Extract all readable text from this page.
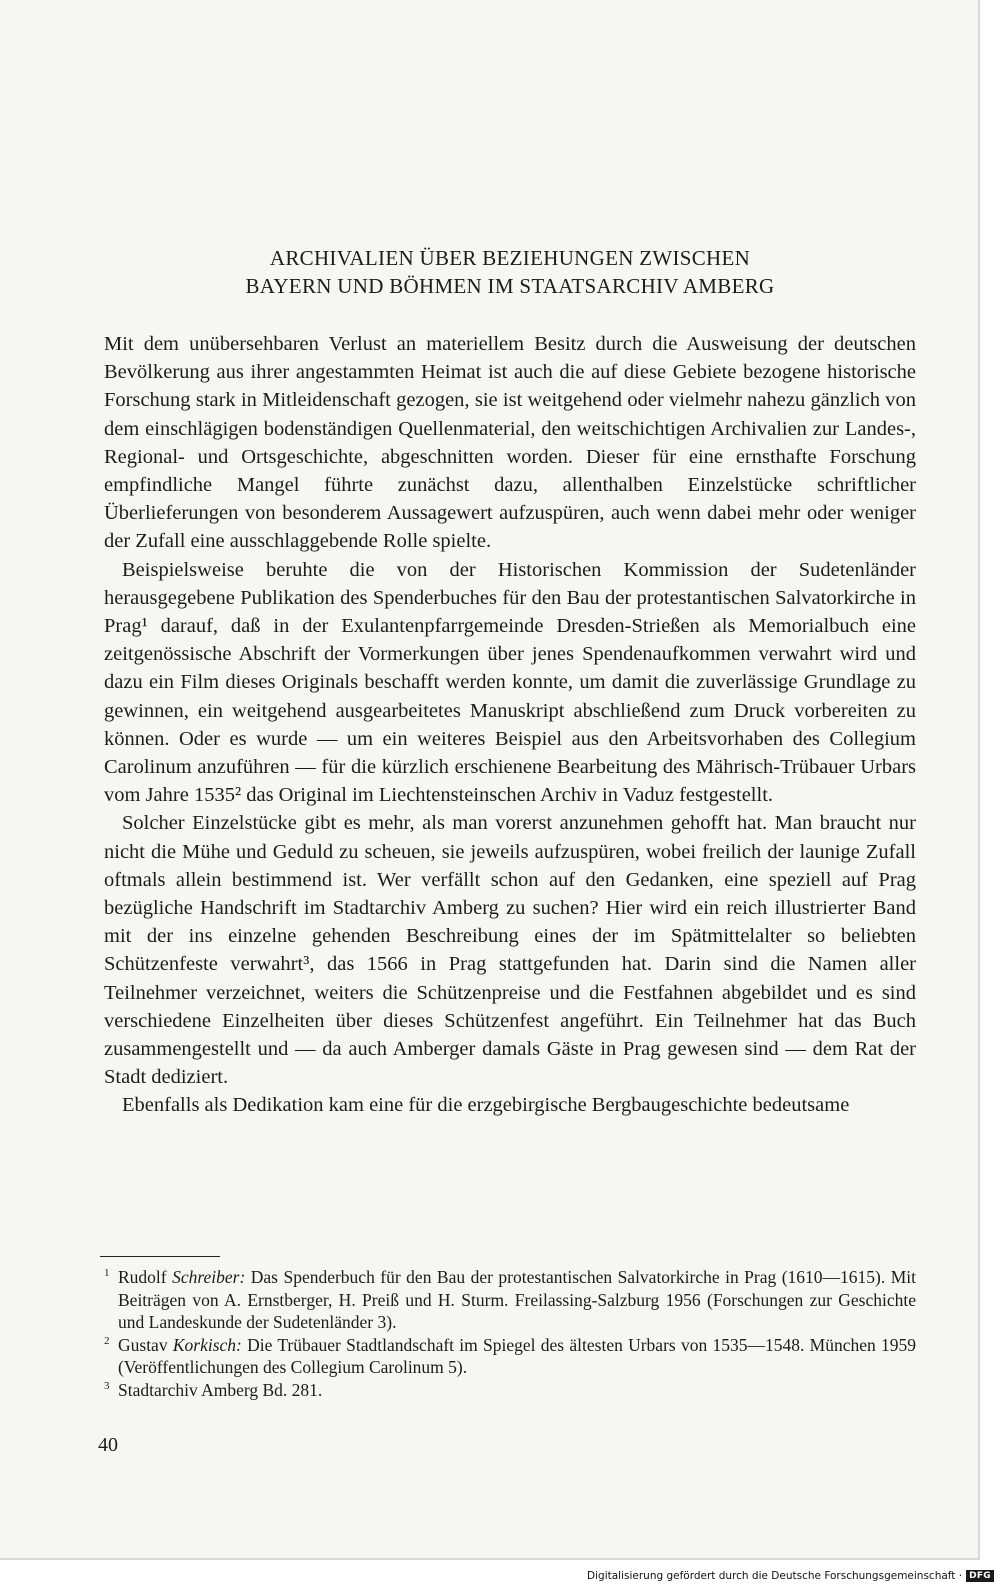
ARCHIVALIEN ÜBER BEZIEHUNGEN ZWISCHEN
BAYERN UND BÖHMEN IM STAATSARCHIV AMBERG

Mit dem unübersehbaren Verlust an materiellem Besitz durch die Ausweisung der deutschen Bevölkerung aus ihrer angestammten Heimat ist auch die auf diese Gebiete bezogene historische Forschung stark in Mitleidenschaft gezogen, sie ist weitgehend oder vielmehr nahezu gänzlich von dem einschlägigen bodenständigen Quellenmaterial, den weitschichtigen Archivalien zur Landes-, Regional- und Ortsgeschichte, abgeschnitten worden. Dieser für eine ernsthafte Forschung empfindliche Mangel führte zunächst dazu, allenthalben Einzelstücke schriftlicher Überlieferungen von besonderem Aussagewert aufzuspüren, auch wenn dabei mehr oder weniger der Zufall eine ausschlaggebende Rolle spielte.

Beispielsweise beruhte die von der Historischen Kommission der Sudetenländer herausgegebene Publikation des Spenderbuches für den Bau der protestantischen Salvatorkirche in Prag¹ darauf, daß in der Exulantenpfarrgemeinde Dresden-Strießen als Memorialbuch eine zeitgenössische Abschrift der Vormerkungen über jenes Spendenaufkommen verwahrt wird und dazu ein Film dieses Originals beschafft werden konnte, um damit die zuverlässige Grundlage zu gewinnen, ein weitgehend ausgearbeitetes Manuskript abschließend zum Druck vorbereiten zu können. Oder es wurde — um ein weiteres Beispiel aus den Arbeitsvorhaben des Collegium Carolinum anzuführen — für die kürzlich erschienene Bearbeitung des Mährisch-Trübauer Urbars vom Jahre 1535² das Original im Liechtensteinschen Archiv in Vaduz festgestellt.

Solcher Einzelstücke gibt es mehr, als man vorerst anzunehmen gehofft hat. Man braucht nur nicht die Mühe und Geduld zu scheuen, sie jeweils aufzuspüren, wobei freilich der launige Zufall oftmals allein bestimmend ist. Wer verfällt schon auf den Gedanken, eine speziell auf Prag bezügliche Handschrift im Stadtarchiv Amberg zu suchen? Hier wird ein reich illustrierter Band mit der ins einzelne gehenden Beschreibung eines der im Spätmittelalter so beliebten Schützenfeste verwahrt³, das 1566 in Prag stattgefunden hat. Darin sind die Namen aller Teilnehmer verzeichnet, weiters die Schützenpreise und die Festfahnen abgebildet und es sind verschiedene Einzelheiten über dieses Schützenfest angeführt. Ein Teilnehmer hat das Buch zusammengestellt und — da auch Amberger damals Gäste in Prag gewesen sind — dem Rat der Stadt dediziert.

Ebenfalls als Dedikation kam eine für die erzgebirgische Bergbaugeschichte bedeutsame

1 Rudolf Schreiber: Das Spenderbuch für den Bau der protestantischen Salvatorkirche in Prag (1610—1615). Mit Beiträgen von A. Ernstberger, H. Preiß und H. Sturm. Freilassing-Salzburg 1956 (Forschungen zur Geschichte und Landeskunde der Sudetenländer 3).
2 Gustav Korkisch: Die Trübauer Stadtlandschaft im Spiegel des ältesten Urbars von 1535—1548. München 1959 (Veröffentlichungen des Collegium Carolinum 5).
3 Stadtarchiv Amberg Bd. 281.
40
Digitalisierung gefördert durch die Deutsche Forschungsgemeinschaft · DFG
